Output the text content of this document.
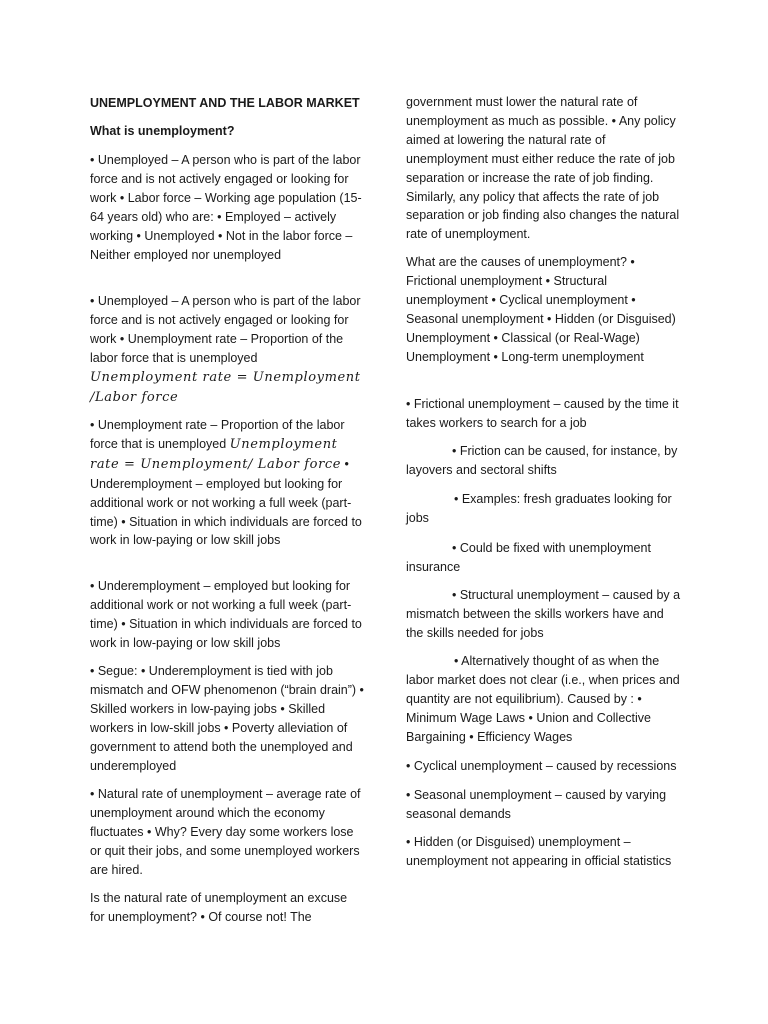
UNEMPLOYMENT AND THE LABOR MARKET

What is unemployment?

• Unemployed – A person who is part of the labor force and is not actively engaged or looking for work • Labor force – Working age population (15-64 years old) who are: • Employed – actively working • Unemployed • Not in the labor force – Neither employed nor unemployed

• Unemployed – A person who is part of the labor force and is not actively engaged or looking for work • Unemployment rate – Proportion of the labor force that is unemployed Unemployment rate = Unemployment /Labor force

• Unemployment rate – Proportion of the labor force that is unemployed Unemployment rate = Unemployment/ Labor force • Underemployment – employed but looking for additional work or not working a full week (part-time) • Situation in which individuals are forced to work in low-paying or low skill jobs

• Underemployment – employed but looking for additional work or not working a full week (part-time) • Situation in which individuals are forced to work in low-paying or low skill jobs

• Segue: • Underemployment is tied with job mismatch and OFW phenomenon (“brain drain”) • Skilled workers in low-paying jobs • Skilled workers in low-skill jobs • Poverty alleviation of government to attend both the unemployed and underemployed

• Natural rate of unemployment – average rate of unemployment around which the economy fluctuates • Why? Every day some workers lose or quit their jobs, and some unemployed workers are hired.

Is the natural rate of unemployment an excuse for unemployment? • Of course not! The

government must lower the natural rate of unemployment as much as possible. • Any policy aimed at lowering the natural rate of unemployment must either reduce the rate of job separation or increase the rate of job finding. Similarly, any policy that affects the rate of job separation or job finding also changes the natural rate of unemployment.

What are the causes of unemployment? • Frictional unemployment • Structural unemployment • Cyclical unemployment • Seasonal unemployment • Hidden (or Disguised) Unemployment • Classical (or Real-Wage) Unemployment • Long-term unemployment

• Frictional unemployment – caused by the time it takes workers to search for a job

• Friction can be caused, for instance, by layovers and sectoral shifts

• Examples: fresh graduates looking for jobs

• Could be fixed with unemployment insurance

• Structural unemployment – caused by a mismatch between the skills workers have and the skills needed for jobs

• Alternatively thought of as when the labor market does not clear (i.e., when prices and quantity are not equilibrium). Caused by : • Minimum Wage Laws • Union and Collective Bargaining • Efficiency Wages

• Cyclical unemployment – caused by recessions

• Seasonal unemployment – caused by varying seasonal demands

• Hidden (or Disguised) unemployment – unemployment not appearing in official statistics
